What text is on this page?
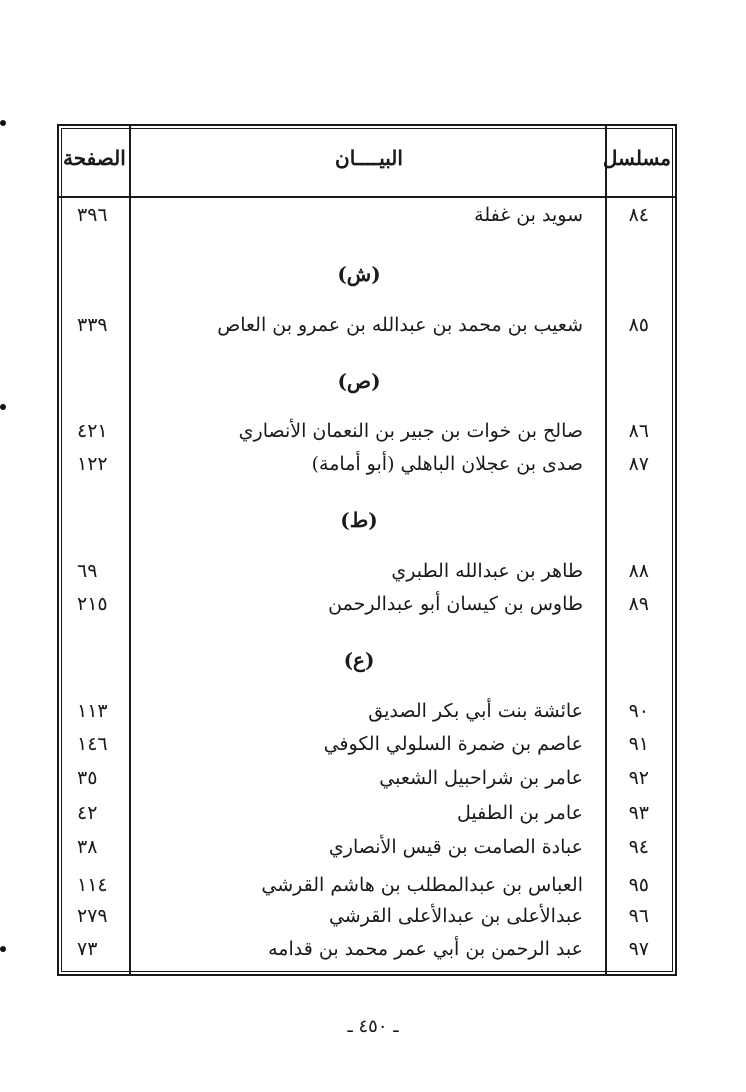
مسلسل
البيــــان
الصفحة
٨٤
سويد بن غفلة
٣٩٦
(ش)
٨٥
شعيب بن محمد بن عبدالله بن عمرو بن العاص
٣٣٩
(ص)
٨٦
صالح بن خوات بن جبير بن النعمان الأنصاري
٤٢١
٨٧
صدى بن عجلان الباهلي (أبو أمامة)
١٢٢
(ط)
٨٨
طاهر بن عبدالله الطبري
٦٩
٨٩
طاوس بن كيسان أبو عبدالرحمن
٢١٥
(ع)
٩٠
عائشة بنت أبي بكر الصديق
١١٣
٩١
عاصم بن ضمرة السلولي الكوفي
١٤٦
٩٢
عامر بن شراحبيل الشعبي
٣٥
٩٣
عامر بن الطفيل
٤٢
٩٤
عبادة الصامت بن قيس الأنصاري
٣٨
٩٥
العباس بن عبدالمطلب بن هاشم القرشي
١١٤
٩٦
عبدالأعلى بن عبدالأعلى القرشي
٢٧٩
٩٧
عبد الرحمن بن أبي عمر محمد بن قدامه
٧٣
ـ ٤٥٠ ـ
